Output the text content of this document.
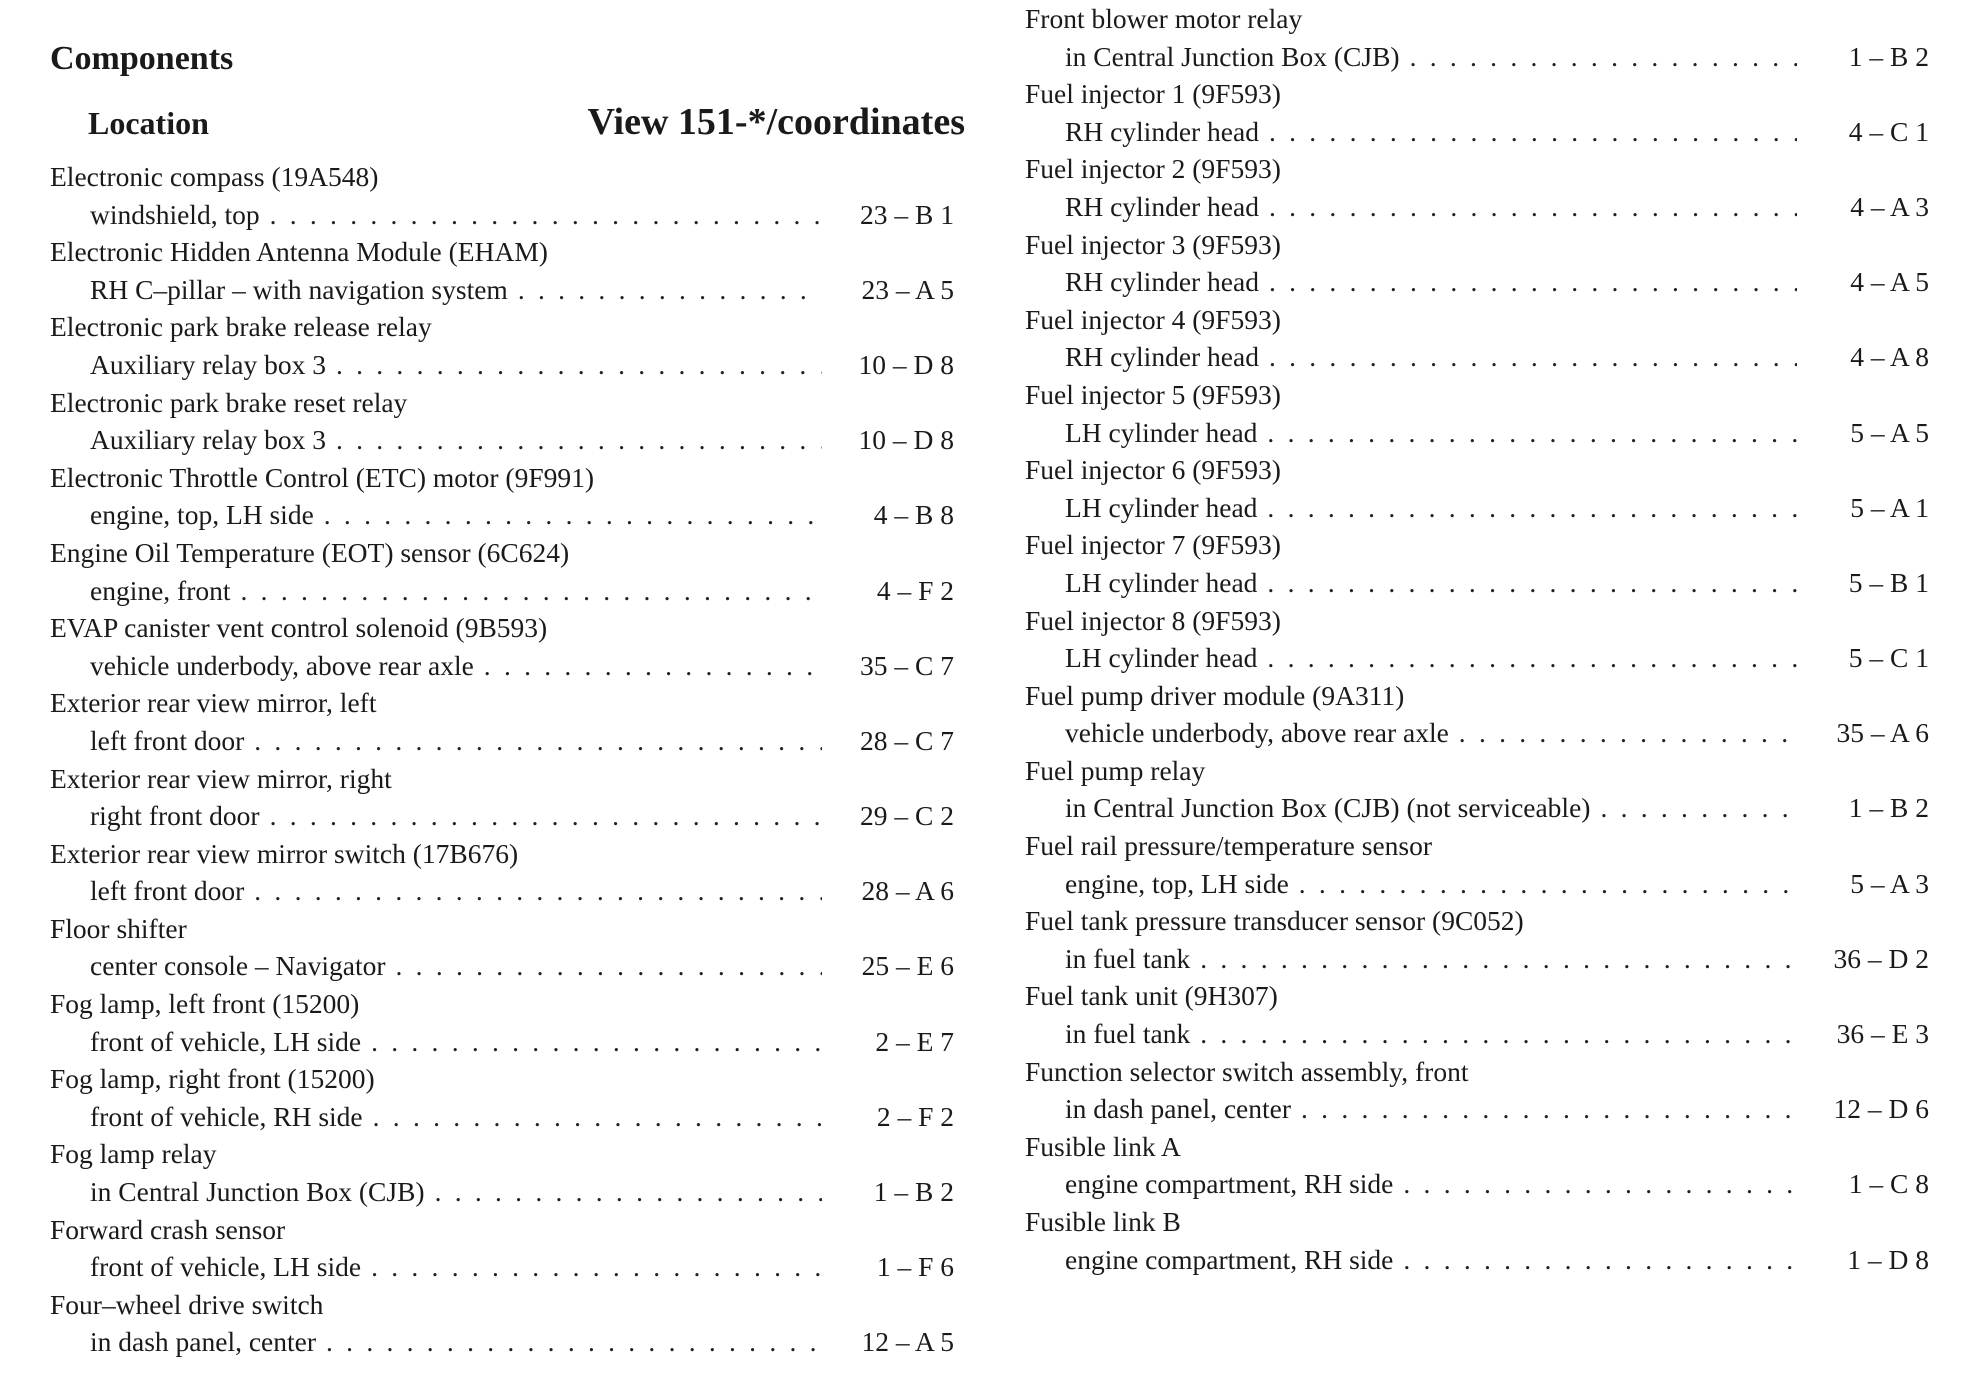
Components
Location	View 151-*/coordinates
Electronic compass (19A548)
windshield, top . . .	23 – B 1
Electronic Hidden Antenna Module (EHAM)
RH C–pillar – with navigation system . . .	23 – A 5
Electronic park brake release relay
Auxiliary relay box 3 . . .	10 – D 8
Electronic park brake reset relay
Auxiliary relay box 3 . . .	10 – D 8
Electronic Throttle Control (ETC) motor (9F991)
engine, top, LH side . . .	4 – B 8
Engine Oil Temperature (EOT) sensor (6C624)
engine, front . . .	4 – F 2
EVAP canister vent control solenoid (9B593)
vehicle underbody, above rear axle . . .	35 – C 7
Exterior rear view mirror, left
left front door . . .	28 – C 7
Exterior rear view mirror, right
right front door . . .	29 – C 2
Exterior rear view mirror switch (17B676)
left front door . . .	28 – A 6
Floor shifter
center console – Navigator . . .	25 – E 6
Fog lamp, left front (15200)
front of vehicle, LH side . . .	2 – E 7
Fog lamp, right front (15200)
front of vehicle, RH side . . .	2 – F 2
Fog lamp relay
in Central Junction Box (CJB) . . .	1 – B 2
Forward crash sensor
front of vehicle, LH side . . .	1 – F 6
Four–wheel drive switch
in dash panel, center . . .	12 – A 5
Front blower motor relay
in Central Junction Box (CJB) . . .	1 – B 2
Fuel injector 1 (9F593)
RH cylinder head . . .	4 – C 1
Fuel injector 2 (9F593)
RH cylinder head . . .	4 – A 3
Fuel injector 3 (9F593)
RH cylinder head . . .	4 – A 5
Fuel injector 4 (9F593)
RH cylinder head . . .	4 – A 8
Fuel injector 5 (9F593)
LH cylinder head . . .	5 – A 5
Fuel injector 6 (9F593)
LH cylinder head . . .	5 – A 1
Fuel injector 7 (9F593)
LH cylinder head . . .	5 – B 1
Fuel injector 8 (9F593)
LH cylinder head . . .	5 – C 1
Fuel pump driver module (9A311)
vehicle underbody, above rear axle . . .	35 – A 6
Fuel pump relay
in Central Junction Box (CJB) (not serviceable) . . .	1 – B 2
Fuel rail pressure/temperature sensor
engine, top, LH side . . .	5 – A 3
Fuel tank pressure transducer sensor (9C052)
in fuel tank . . .	36 – D 2
Fuel tank unit (9H307)
in fuel tank . . .	36 – E 3
Function selector switch assembly, front
in dash panel, center . . .	12 – D 6
Fusible link A
engine compartment, RH side . . .	1 – C 8
Fusible link B
engine compartment, RH side . . .	1 – D 8
